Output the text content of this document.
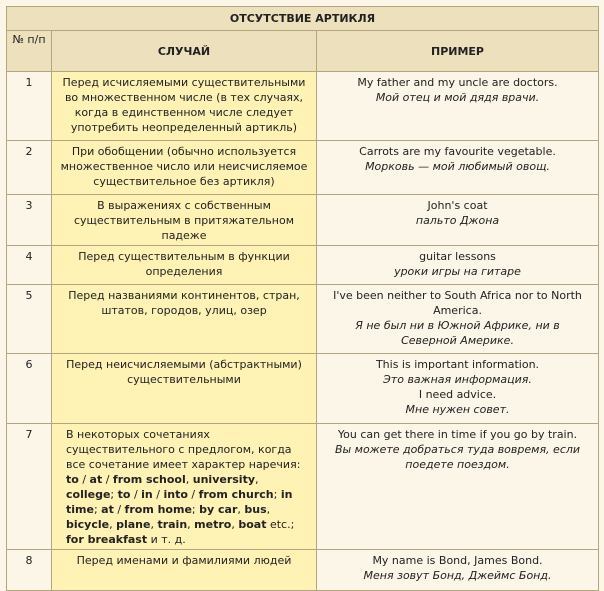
ОТСУТСТВИЕ АРТИКЛЯ		
№ п/п	СЛУЧАЙ	ПРИМЕР
1	Перед исчисляемыми существительными во множественном числе (в тех случаях, когда в единственном числе следует употребить неопределенный артикль)	My father and my uncle are doctors.
Мой отец и мой дядя врачи.

2	При обобщении (обычно используется множественное число или неисчисляемое существительное без артикля)	Carrots are my favourite vegetable.
Морковь — мой любимый овощ.

3	В выражениях с собственным существительным в притяжательном падеже	John's coat
пальто Джона

4	Перед существительным в функции определения	guitar lessons
уроки игры на гитаре

5	Перед названиями континентов, стран, штатов, городов, улиц, озер	I've been neither to South Africa nor to North America.
Я не был ни в Южной Африке, ни в Северной Америке.

6	Перед неисчисляемыми (абстрактными) существительными	This is important information.
Это важная информация.
I need advice.
Мне нужен совет.

7	В некоторых сочетаниях существительного с предлогом, когда все сочетание имеет характер наречия: to / at / from school, university, college; to / in / into / from church; in time; at / from home; by car, bus, bicycle, plane, train, metro, boat etc.; for breakfast и т. д.	You can get there in time if you go by train.
Вы можете добраться туда вовремя, если поедете поездом.

8	Перед именами и фамилиями людей	My name is Bond, James Bond.
Меня зовут Бонд, Джеймс Бонд.
